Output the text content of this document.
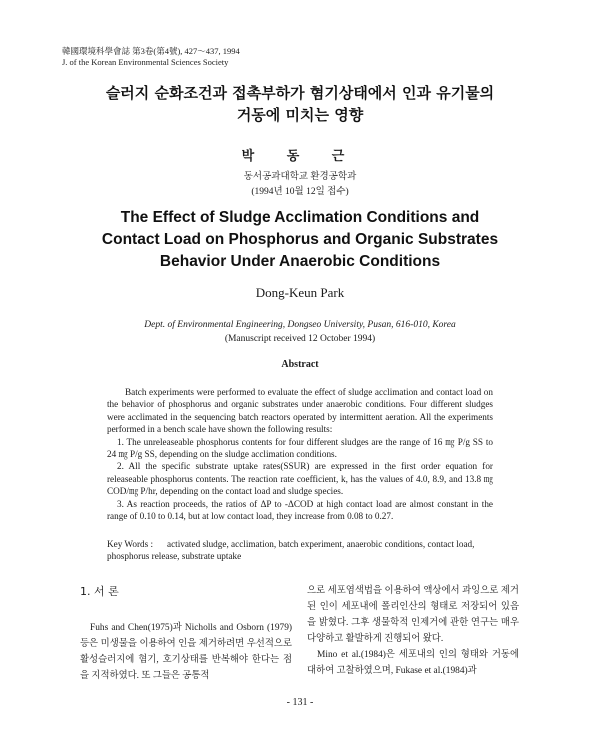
韓國環境科學會誌 第3卷(第4號), 427～437, 1994
J. of the Korean Environmental Sciences Society
슬러지 순화조건과 접촉부하가 혐기상태에서 인과 유기물의
거동에 미치는 영향
박 동 근
동서공과대학교 환경공학과
(1994년 10월 12일 접수)
The Effect of Sludge Acclimation Conditions and
Contact Load on Phosphorus and Organic Substrates
Behavior Under Anaerobic Conditions
Dong-Keun Park
Dept. of Environmental Engineering, Dongseo University, Pusan, 616-010, Korea
(Manuscript received 12 October 1994)
Abstract

Batch experiments were performed to evaluate the effect of sludge acclimation and contact load on the behavior of phosphorus and organic substrates under anaerobic conditions. Four different sludges were acclimated in the sequencing batch reactors operated by intermittent aeration. All the experiments performed in a bench scale have shown the following results:

1. The unreleaseable phosphorus contents for four different sludges are the range of 16 ㎎ P/g SS to 24 ㎎ P/g SS, depending on the sludge acclimation conditions.

2. All the specific substrate uptake rates(SSUR) are expressed in the first order equation for releaseable phosphorus contents. The reaction rate coefficient, k, has the values of 4.0, 8.9, and 13.8 ㎎ COD/㎎ P/hr, depending on the contact load and sludge species.

3. As reaction proceeds, the ratios of ΔP to -ΔCOD at high contact load are almost constant in the range of 0.10 to 0.14, but at low contact load, they increase from 0.08 to 0.27.

Key Words : activated sludge, acclimation, batch experiment, anaerobic conditions, contact load, phosphorus release, substrate uptake
1. 서 론

Fuhs and Chen(1975)과 Nicholls and Osborn (1979) 등은 미생물을 이용하여 인을 제거하려면 우선적으로 활성슬러지에 혐기, 호기상태를 반복해야 한다는 점을 지적하였다. 또 그들은 공통적

으로 세포염색법을 이용하여 액상에서 과잉으로 제거된 인이 세포내에 폴리인산의 형태로 저장되어 있음을 밝혔다. 그후 생물학적 인제거에 관한 연구는 매우 다양하고 활발하게 진행되어 왔다.

Mino et al.(1984)은 세포내의 인의 형태와 거동에 대하여 고찰하였으며, Fukase et al.(1984)과

- 131 -
